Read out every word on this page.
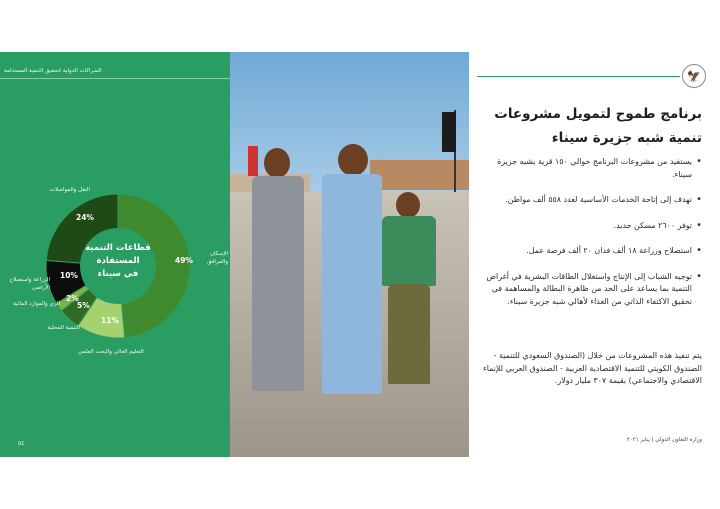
الشراكات الدولية لتحقيق التنمية المستدامة
قطاعات التنمية
المستفادة
في سيناء
49%
11%
5%
2%
10%
24%
الإسكان والمرافق
التعليم العالي والبحث العلمي
التنمية المحلية
الري والموارد المائية
الزراعة واستصلاح الأراضي
النقل والمواصلات
٥٤
🦅
برنامج طموح لتمويل مشروعات
تنمية شبه جزيرة سيناء
• يستفيد من مشروعات البرنامج حوالي ١٥٠ قرية بشبه جزيرة سيناء.
• تهدف إلى إتاحة الخدمات الأساسية لعدد ٥٥٨ ألف مواطن.
• توفر ٢٦٠٠ مسكن جديد.
• استصلاح وزراعة ١٨ ألف فدان ٢٠ ألف فرصة عمل.
• توجيه الشباب إلى الإنتاج واستغلال الطاقات البشرية في أغراض التنمية بما يساعد على الحد من ظاهرة البطالة والمساهمة في تحقيق الاكتفاء الذاتي من الغذاء لأهالي شبه جزيرة سيناء.
يتم تنفيذ هذه المشروعات من خلال (الصندوق السعودي للتنمية - الصندوق الكويتي للتنمية الاقتصادية العربية - الصندوق العربي للإنماء الاقتصادي والاجتماعي) بقيمة ٣٠٧ مليار دولار.
وزارة التعاون الدولي | يناير ٢٠٢١
